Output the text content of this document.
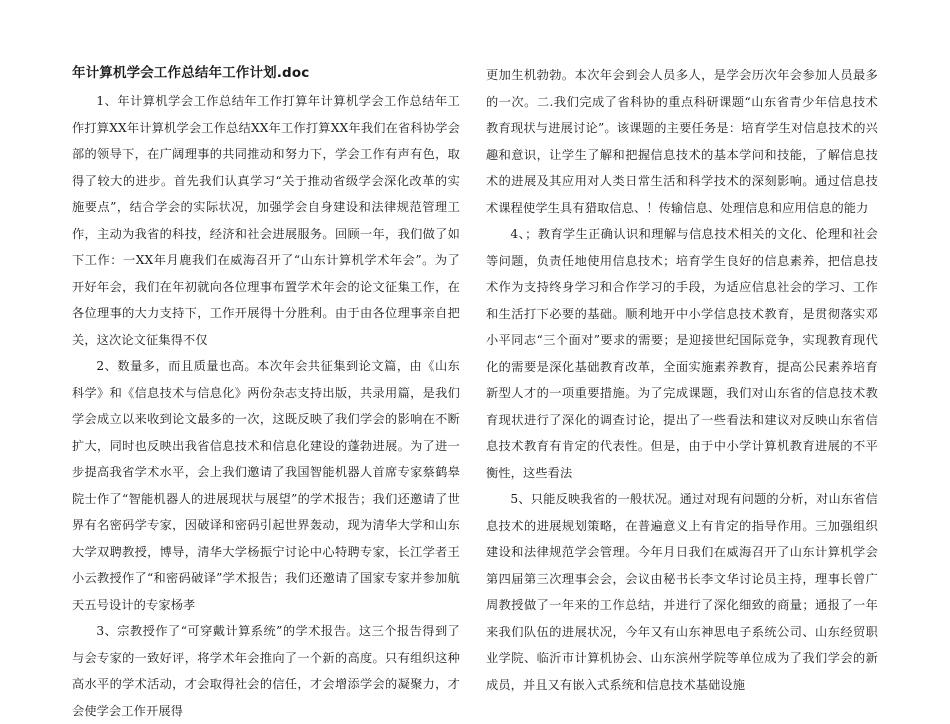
年计算机学会工作总结年工作计划.doc

1、年计算机学会工作总结年工作打算年计算机学会工作总结年工作打算XX年计算机学会工作总结XX年工作打算XX年我们在省科协学会部的领导下，在广阔理事的共同推动和努力下，学会工作有声有色，取得了较大的进步。首先我们认真学习“关于推动省级学会深化改革的实施要点”，结合学会的实际状况，加强学会自身建设和法律规范管理工作，主动为我省的科技，经济和社会进展服务。回顾一年，我们做了如下工作：一XX年月鹿我们在威海召开了“山东计算机学术年会”。为了开好年会，我们在年初就向各位理事布置学术年会的论文征集工作，在各位理事的大力支持下，工作开展得十分胜利。由于由各位理事亲自把关，这次论文征集得不仅

2、数量多，而且质量也高。本次年会共征集到论文篇，由《山东科学》和《信息技术与信息化》两份杂志支持出版，共录用篇，是我们学会成立以来收到论文最多的一次，这既反映了我们学会的影响在不断扩大，同时也反映出我省信息技术和信息化建设的蓬勃进展。为了进一步提高我省学术水平，会上我们邀请了我国智能机器人首席专家蔡鹤皋院士作了“智能机器人的进展现状与展望”的学术报告；我们还邀请了世界有名密码学专家，因破译和密码引起世界轰动，现为清华大学和山东大学双聘教授，博导，清华大学杨振宁讨论中心特聘专家，长江学者王小云教授作了“和密码破译”学术报告；我们还邀请了国家专家并参加航天五号设计的专家杨孝

3、宗教授作了“可穿戴计算系统”的学术报告。这三个报告得到了与会专家的一致好评，将学术年会推向了一个新的高度。只有组织这种高水平的学术活动，才会取得社会的信任，才会增添学会的凝聚力，才会使学会工作开展得

更加生机勃勃。本次年会到会人员多人，是学会历次年会参加人员最多的一次。二.我们完成了省科协的重点科研课题“山东省青少年信息技术教育现状与进展讨论”。该课题的主要任务是：培育学生对信息技术的兴趣和意识，让学生了解和把握信息技术的基本学问和技能，了解信息技术的进展及其应用对人类日常生活和科学技术的深刻影响。通过信息技术课程使学生具有猎取信息、！传输信息、处理信息和应用信息的能力

4、；教育学生正确认识和理解与信息技术相关的文化、伦理和社会等问题，负责任地使用信息技术；培育学生良好的信息素养，把信息技术作为支持终身学习和合作学习的手段，为适应信息社会的学习、工作和生活打下必要的基础。顺利地开中小学信息技术教育，是贯彻落实邓小平同志“三个面对”要求的需要；是迎接世纪国际竞争，实现教育现代化的需要是深化基础教育改革，全面实施素养教育，提高公民素养培育新型人才的一项重要措施。为了完成课题，我们对山东省的信息技术教育现状进行了深化的调查讨论，提出了一些看法和建议对反映山东省信息技术教育有肯定的代表性。但是，由于中小学计算机教育进展的不平衡性，这些看法

5、只能反映我省的一般状况。通过对现有问题的分析，对山东省信息技术的进展规划策略，在普遍意义上有肯定的指导作用。三加强组织建设和法律规范学会管理。今年月日我们在威海召开了山东计算机学会第四届第三次理事会会，会议由秘书长李文华讨论员主持，理事长曾广周教授做了一年来的工作总结，并进行了深化细致的商量；通报了一年来我们队伍的进展状况，今年又有山东神思电子系统公司、山东经贸职业学院、临沂市计算机协会、山东滨州学院等单位成为了我们学会的新成员，并且又有嵌入式系统和信息技术基础设施
